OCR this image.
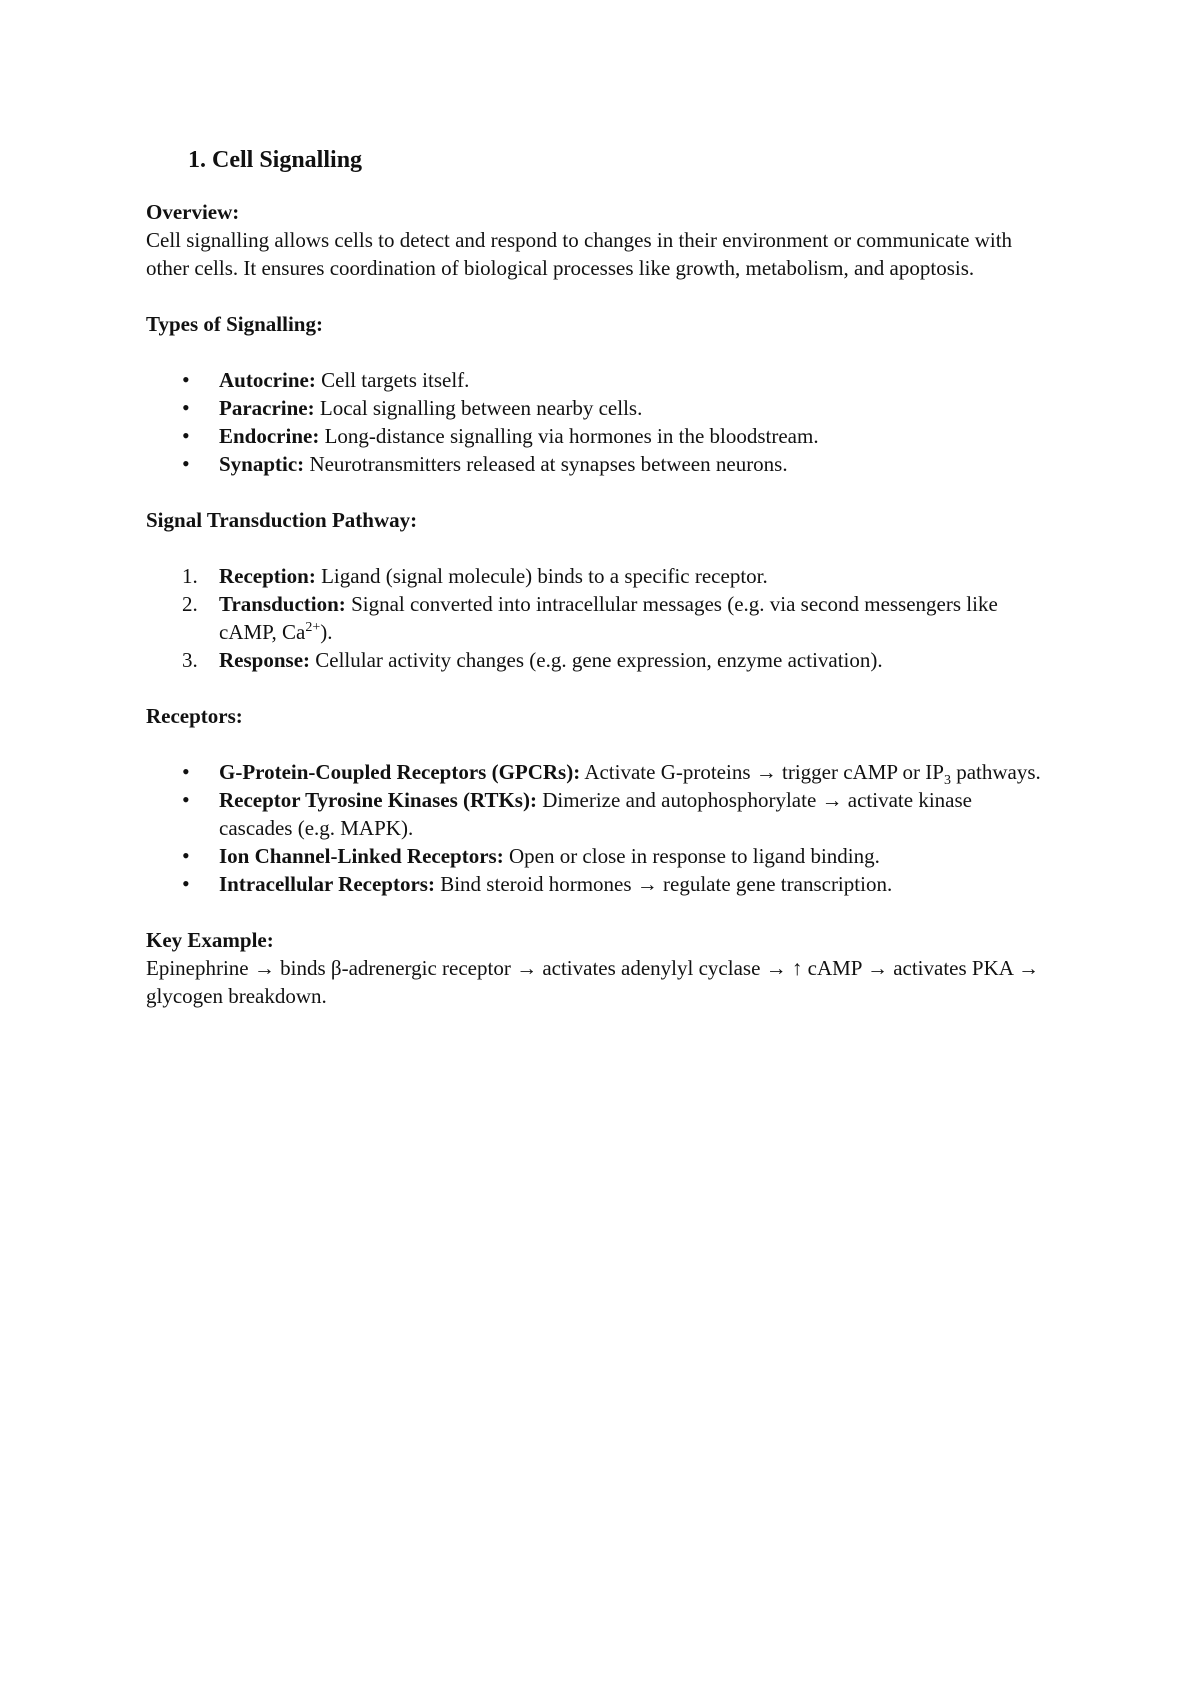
1. Cell Signalling

Overview:

Cell signalling allows cells to detect and respond to changes in their environment or communicate with other cells. It ensures coordination of biological processes like growth, metabolism, and apoptosis.

Types of Signalling:

• Autocrine: Cell targets itself.
• Paracrine: Local signalling between nearby cells.
• Endocrine: Long-distance signalling via hormones in the bloodstream.
• Synaptic: Neurotransmitters released at synapses between neurons.

Signal Transduction Pathway:

1. Reception: Ligand (signal molecule) binds to a specific receptor.
2. Transduction: Signal converted into intracellular messages (e.g. via second messengers like cAMP, $Ca^{2+}$).
3. Response: Cellular activity changes (e.g. gene expression, enzyme activation).

Receptors:

• G-Protein-Coupled Receptors (GPCRs): Activate G-proteins → trigger cAMP or $IP_3$ pathways.
• Receptor Tyrosine Kinases (RTKs): Dimerize and autophosphorylate → activate kinase cascades (e.g. MAPK).
• Ion Channel-Linked Receptors: Open or close in response to ligand binding.
• Intracellular Receptors: Bind steroid hormones → regulate gene transcription.

Key Example:

Epinephrine → binds β-adrenergic receptor → activates adenylyl cyclase → ↑ cAMP → activates PKA → glycogen breakdown.
